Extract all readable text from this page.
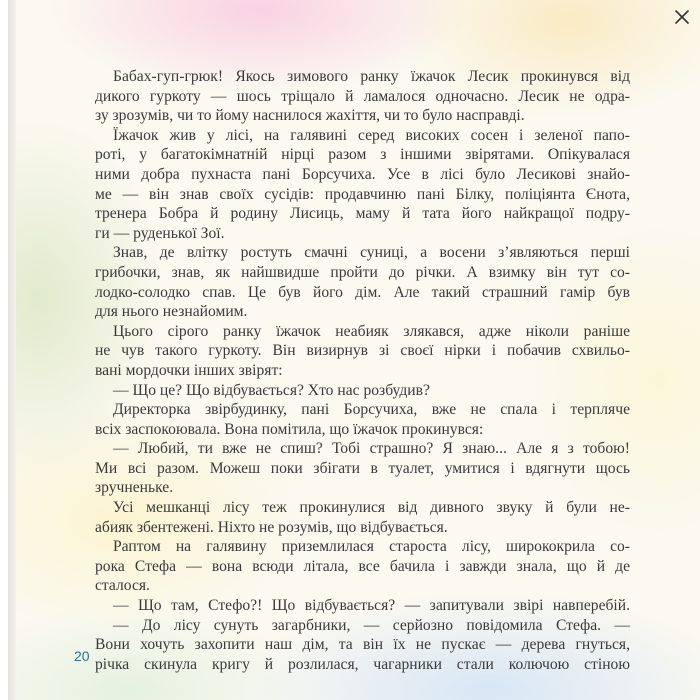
Бабах-гуп-грюк! Якось зимового ранку їжачок Лесик прокинувся від
дикого гуркоту — шось тріщало й ламалося одночасно. Лесик не одра-
зу зрозумів, чи то йому наснилося жахіття, чи то було насправді.
Їжачок жив у лісі, на галявині серед високих сосен і зеленої папо-
роті, у багатокімнатній нірці разом з іншими звірятами. Опікувалася
ними добра пухнаста пані Борсучиха. Усе в лісі було Лесикові знайо-
ме — він знав своїх сусідів: продавчиню пані Білку, поліціянта Єнота,
тренера Бобра й родину Лисиць, маму й тата його найкращої подру-
ги — руденької Зої.
Знав, де влітку ростуть смачні суниці, а восени з’являються перші
грибочки, знав, як найшвидше пройти до річки. А взимку він тут со-
лодко-солодко спав. Це був його дім. Але такий страшний гамір був
для нього незнайомим.
Цього сірого ранку їжачок неабияк злякався, адже ніколи раніше
не чув такого гуркоту. Він визирнув зі своєї нірки і побачив схвильо-
вані мордочки інших звірят:
— Що це? Що відбувається? Хто нас розбудив?
Директорка звірбудинку, пані Борсучиха, вже не спала і терпляче
всіх заспокоювала. Вона помітила, що їжачок прокинувся:
— Любий, ти вже не спиш? Тобі страшно? Я знаю... Але я з тобою!
Ми всі разом. Можеш поки збігати в туалет, умитися і вдягнути щось
зручненьке.
Усі мешканці лісу теж прокинулися від дивного звуку й були не-
абияк збентежені. Ніхто не розумів, що відбувається.
Раптом на галявину приземлилася староста лісу, ширококрила со-
рока Стефа — вона всюди літала, все бачила і завжди знала, що й де
сталося.
— Що там, Стефо?! Що відбувається? — запитували звірі навперебій.
— До лісу сунуть загарбники, — серйозно повідомила Стефа. —
Вони хочуть захопити наш дім, та він їх не пускає — дерева гнуться,
річка скинула кригу й розлилася, чагарники стали колючою стіною
20
